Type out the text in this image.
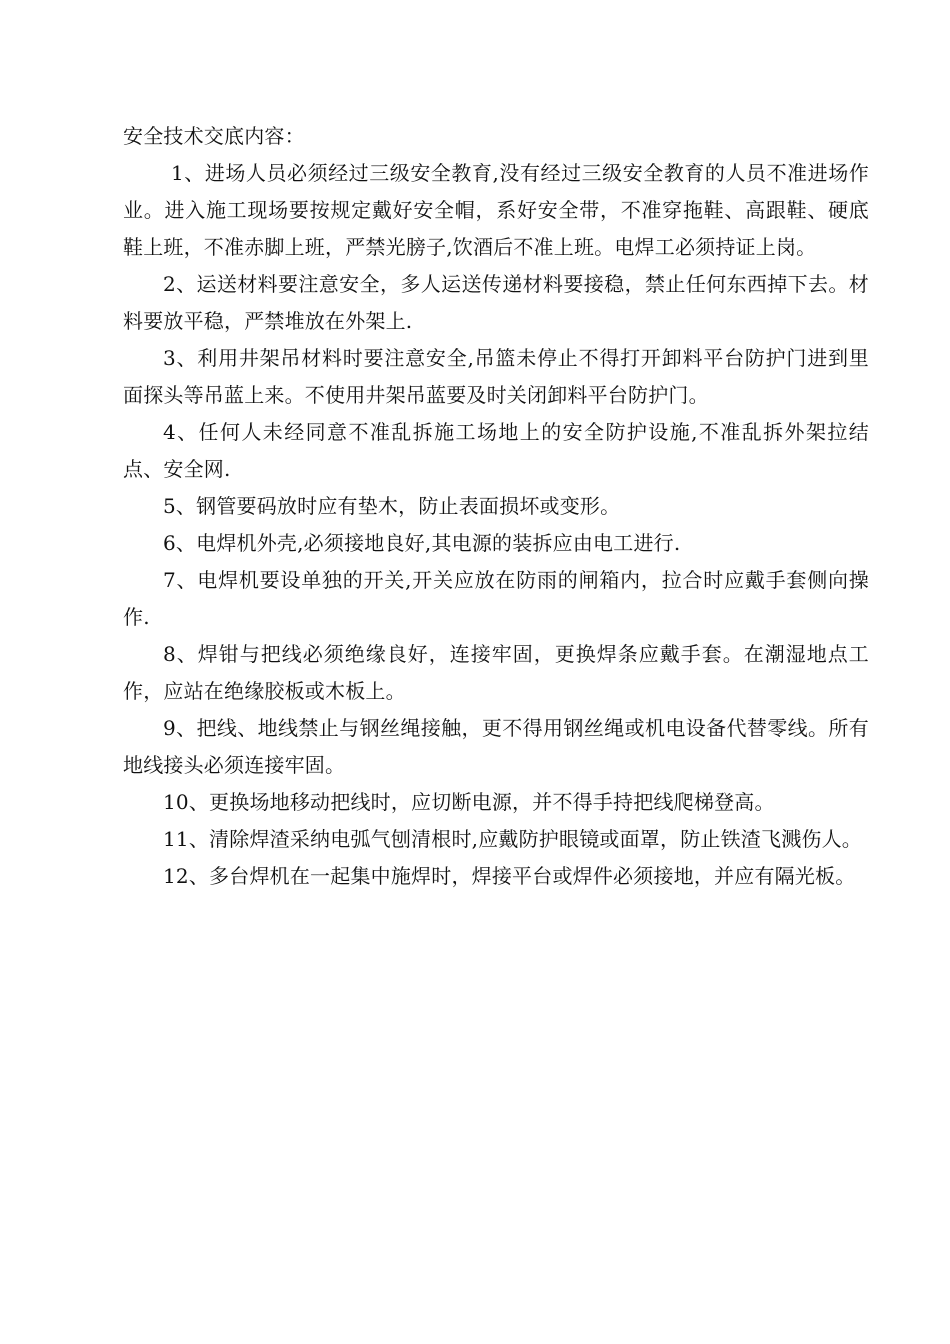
安全技术交底内容：

1、进场人员必须经过三级安全教育,没有经过三级安全教育的人员不准进场作业。进入施工现场要按规定戴好安全帽，系好安全带，不准穿拖鞋、高跟鞋、硬底鞋上班，不准赤脚上班，严禁光膀子,饮酒后不准上班。电焊工必须持证上岗。

2、运送材料要注意安全，多人运送传递材料要接稳，禁止任何东西掉下去。材料要放平稳，严禁堆放在外架上.

3、利用井架吊材料时要注意安全,吊篮未停止不得打开卸料平台防护门进到里面探头等吊蓝上来。不使用井架吊蓝要及时关闭卸料平台防护门。

4、任何人未经同意不准乱拆施工场地上的安全防护设施,不准乱拆外架拉结点、安全网.

5、钢管要码放时应有垫木，防止表面损坏或变形。

6、电焊机外壳,必须接地良好,其电源的装拆应由电工进行.

7、电焊机要设单独的开关,开关应放在防雨的闸箱内，拉合时应戴手套侧向操作.

8、焊钳与把线必须绝缘良好，连接牢固，更换焊条应戴手套。在潮湿地点工作，应站在绝缘胶板或木板上。

9、把线、地线禁止与钢丝绳接触，更不得用钢丝绳或机电设备代替零线。所有地线接头必须连接牢固。

10、更换场地移动把线时，应切断电源，并不得手持把线爬梯登高。

11、清除焊渣采纳电弧气刨清根时,应戴防护眼镜或面罩，防止铁渣飞溅伤人。

12、多台焊机在一起集中施焊时，焊接平台或焊件必须接地，并应有隔光板。
